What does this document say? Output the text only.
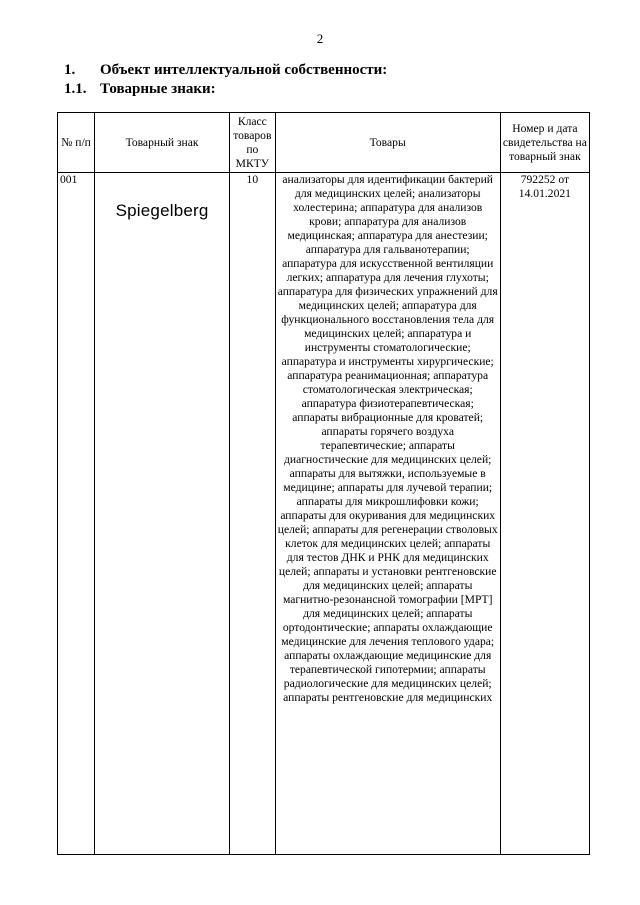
2
1. Объект интеллектуальной собственности:
1.1. Товарные знаки:
№ п/п	Товарный знак	Класс товаров по МКТУ	Товары	Номер и дата свидетельства на товарный знак
001	Spiegelberg	10	анализаторы для идентификации бактерий для медицинских целей; анализаторы холестерина; аппаратура для анализов крови; аппаратура для анализов медицинская; аппаратура для анестезии; аппаратура для гальванотерапии; аппаратура для искусственной вентиляции легких; аппаратура для лечения глухоты; аппаратура для физических упражнений для медицинских целей; аппаратура для функционального восстановления тела для медицинских целей; аппаратура и инструменты стоматологические; аппаратура и инструменты хирургические; аппаратура реанимационная; аппаратура стоматологическая электрическая; аппаратура физиотерапевтическая; аппараты вибрационные для кроватей; аппараты горячего воздуха терапевтические; аппараты диагностические для медицинских целей; аппараты для вытяжки, используемые в медицине; аппараты для лучевой терапии; аппараты для микрошлифовки кожи; аппараты для окуривания для медицинских целей; аппараты для регенерации стволовых клеток для медицинских целей; аппараты для тестов ДНК и РНК для медицинских целей; аппараты и установки рентгеновские для медицинских целей; аппараты магнитно-резонансной томографии [МРТ] для медицинских целей; аппараты ортодонтические; аппараты охлаждающие медицинские для лечения теплового удара; аппараты охлаждающие медицинские для терапевтической гипотермии; аппараты радиологические для медицинских целей; аппараты рентгеновские для медицинских	792252 от 14.01.2021
